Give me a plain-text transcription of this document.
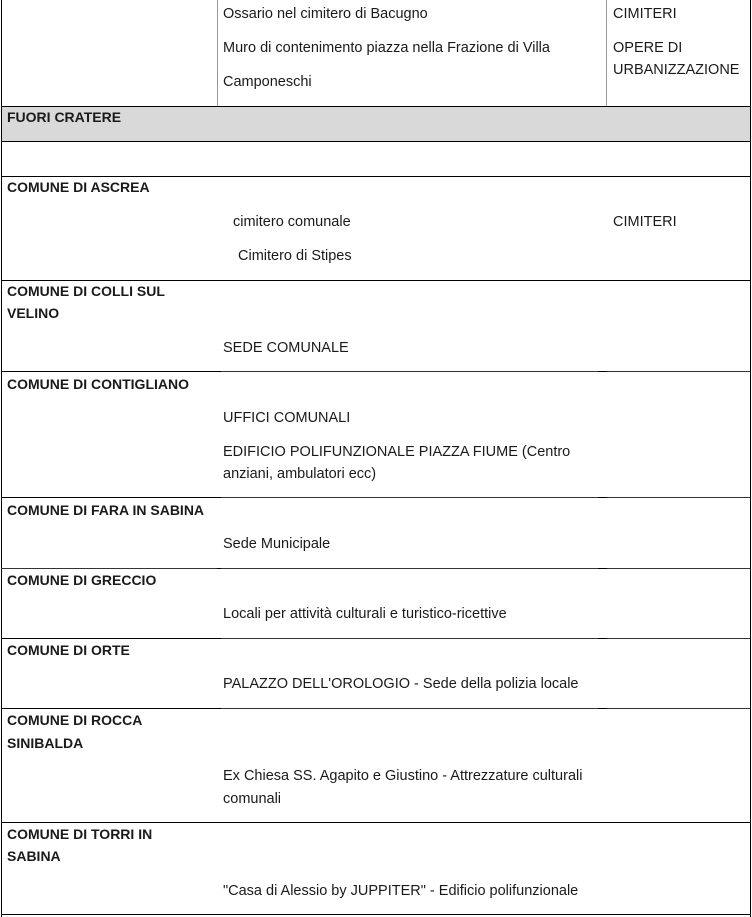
Ossario nel cimitero di Bacugno
Muro di contenimento piazza nella Frazione di Villa
Camponeschi
CIMITERI
OPERE DI
URBANIZZAZIONE
FUORI CRATERE
COMUNE DI ASCREA
cimitero comunale
Cimitero di Stipes
CIMITERI
COMUNE DI COLLI SUL
VELINO
SEDE COMUNALE
COMUNE DI CONTIGLIANO
UFFICI COMUNALI
EDIFICIO POLIFUNZIONALE PIAZZA FIUME (Centro
anziani, ambulatori ecc)
COMUNE DI FARA IN SABINA
Sede Municipale
COMUNE DI GRECCIO
Locali per attività culturali e turistico-ricettive
COMUNE DI ORTE
PALAZZO DELL'OROLOGIO - Sede della polizia locale
COMUNE DI ROCCA
SINIBALDA
Ex Chiesa SS. Agapito e Giustino - Attrezzature culturali
comunali
COMUNE DI TORRI IN
SABINA
"Casa di Alessio by JUPPITER" - Edificio polifunzionale
